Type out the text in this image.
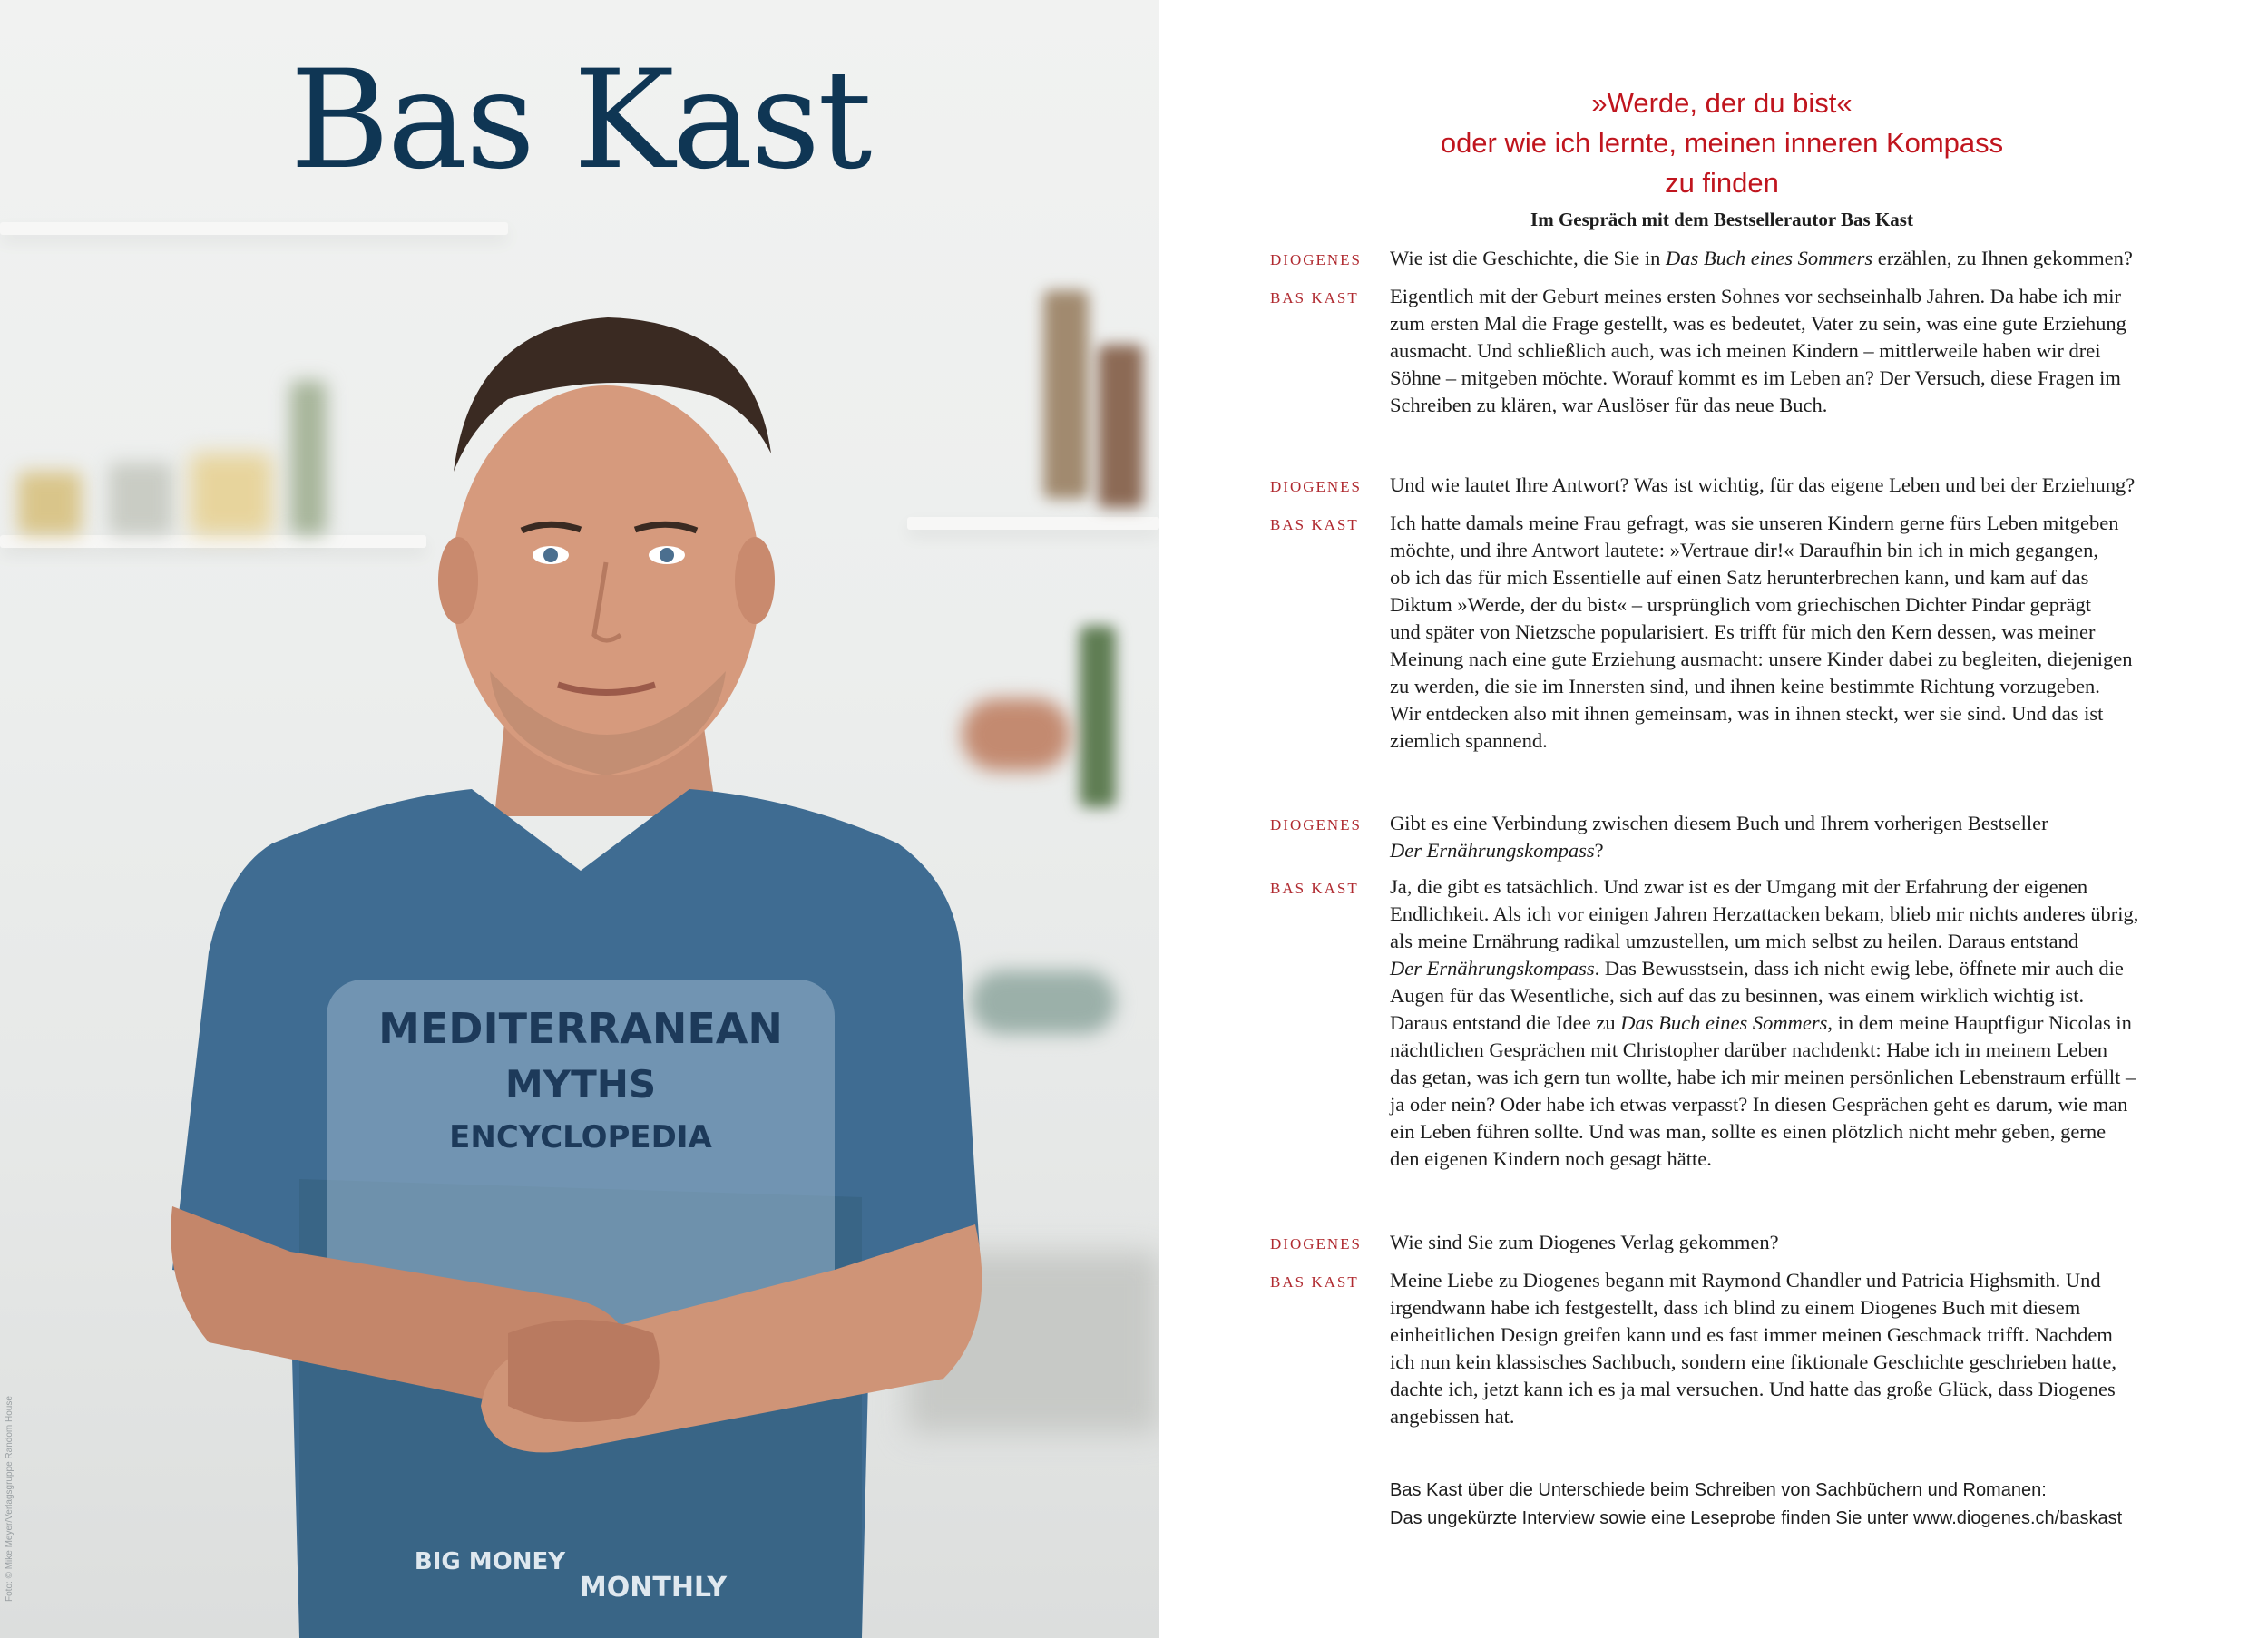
MEDITERRANEAN
MYTHS
ENCYCLOPEDIA
BIG MONEY
MONTHLY
Bas Kast
Foto: © Mike Meyer/Verlagsgruppe Random House
»Werde, der du bist«
oder wie ich lernte, meinen inneren Kompass zu finden
Im Gespräch mit dem Bestsellerautor Bas Kast
DIOGENES	Wie ist die Geschichte, die Sie in Das Buch eines Sommers erzählen, zu Ihnen gekommen?
BAS KAST	Eigentlich mit der Geburt meines ersten Sohnes vor sechseinhalb Jahren. Da habe ich mir
zum ersten Mal die Frage gestellt, was es bedeutet, Vater zu sein, was eine gute Erziehung
ausmacht. Und schließlich auch, was ich meinen Kindern – mittlerweile haben wir drei
Söhne – mitgeben möchte. Worauf kommt es im Leben an? Der Versuch, diese Fragen im
Schreiben zu klären, war Auslöser für das neue Buch.
DIOGENES	Und wie lautet Ihre Antwort? Was ist wichtig, für das eigene Leben und bei der Erziehung?
BAS KAST	Ich hatte damals meine Frau gefragt, was sie unseren Kindern gerne fürs Leben mitgeben
möchte, und ihre Antwort lautete: »Vertraue dir!« Daraufhin bin ich in mich gegangen,
ob ich das für mich Essentielle auf einen Satz herunterbrechen kann, und kam auf das
Diktum »Werde, der du bist« – ursprünglich vom griechischen Dichter Pindar geprägt
und später von Nietzsche popularisiert. Es trifft für mich den Kern dessen, was meiner
Meinung nach eine gute Erziehung ausmacht: unsere Kinder dabei zu begleiten, diejenigen
zu werden, die sie im Innersten sind, und ihnen keine bestimmte Richtung vorzugeben.
Wir entdecken also mit ihnen gemeinsam, was in ihnen steckt, wer sie sind. Und das ist
ziemlich spannend.
DIOGENES	Gibt es eine Verbindung zwischen diesem Buch und Ihrem vorherigen Bestseller
Der Ernährungskompass?
BAS KAST	Ja, die gibt es tatsächlich. Und zwar ist es der Umgang mit der Erfahrung der eigenen
Endlichkeit. Als ich vor einigen Jahren Herzattacken bekam, blieb mir nichts anderes übrig,
als meine Ernährung radikal umzustellen, um mich selbst zu heilen. Daraus entstand
Der Ernährungskompass. Das Bewusstsein, dass ich nicht ewig lebe, öffnete mir auch die
Augen für das Wesentliche, sich auf das zu besinnen, was einem wirklich wichtig ist.
Daraus entstand die Idee zu Das Buch eines Sommers, in dem meine Hauptfigur Nicolas in
nächtlichen Gesprächen mit Christopher darüber nachdenkt: Habe ich in meinem Leben
das getan, was ich gern tun wollte, habe ich mir meinen persönlichen Lebenstraum erfüllt –
ja oder nein? Oder habe ich etwas verpasst? In diesen Gesprächen geht es darum, wie man
ein Leben führen sollte. Und was man, sollte es einen plötzlich nicht mehr geben, gerne
den eigenen Kindern noch gesagt hätte.
DIOGENES	Wie sind Sie zum Diogenes Verlag gekommen?
BAS KAST	Meine Liebe zu Diogenes begann mit Raymond Chandler und Patricia Highsmith. Und
irgendwann habe ich festgestellt, dass ich blind zu einem Diogenes Buch mit diesem
einheitlichen Design greifen kann und es fast immer meinen Geschmack trifft. Nachdem
ich nun kein klassisches Sachbuch, sondern eine fiktionale Geschichte geschrieben hatte,
dachte ich, jetzt kann ich es ja mal versuchen. Und hatte das große Glück, dass Diogenes
angebissen hat.
Bas Kast über die Unterschiede beim Schreiben von Sachbüchern und Romanen:
Das ungekürzte Interview sowie eine Leseprobe finden Sie unter www.diogenes.ch/baskast
